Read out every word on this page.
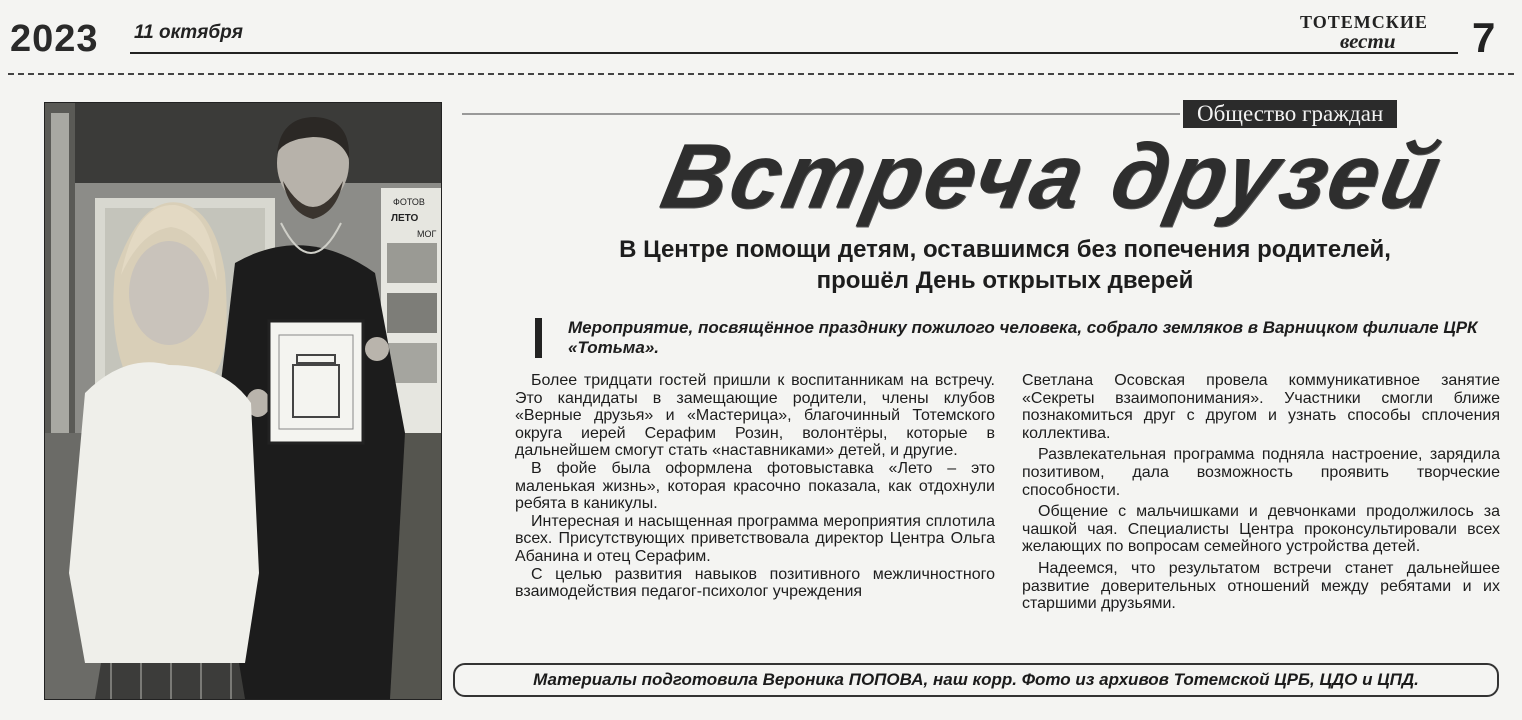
2023 11 октября	ТОТЕМСКИЕ
вести 7
ФОТОВ
ЛЕТО
МОГ
Общество граждан
Встреча друзей
В Центре помощи детям, оставшимся без попечения родителей,
прошёл День открытых дверей
Мероприятие, посвящённое празднику пожилого человека, собрало земляков в Варницком филиале ЦРК «Тотьма».

Более тридцати гостей пришли к воспитанникам на встречу. Это кандидаты в замещающие родители, члены клубов «Верные друзья» и «Мастерица», благочинный Тотемского округа иерей Серафим Розин, волонтёры, которые в дальнейшем смогут стать «наставниками» детей, и другие.

В фойе была оформлена фотовыставка «Лето – это маленькая жизнь», которая красочно показала, как отдохнули ребята в каникулы.

Интересная и насыщенная программа мероприятия сплотила всех. Присутствующих приветствовала директор Центра Ольга Абанина и отец Серафим.

С целью развития навыков позитивного межличностного взаимодействия педагог-психолог учреждения

Светлана Осовская провела коммуникативное занятие «Секреты взаимопонимания». Участники смогли ближе познакомиться друг с другом и узнать способы сплочения коллектива.

Развлекательная программа подняла настроение, зарядила позитивом, дала возможность проявить творческие способности.

Общение с мальчишками и девчонками продолжилось за чашкой чая. Специалисты Центра проконсультировали всех желающих по вопросам семейного устройства детей.

Надеемся, что результатом встречи станет дальнейшее развитие доверительных отношений между ребятами и их старшими друзьями.

Материалы подготовила Вероника ПОПОВА, наш корр. Фото из архивов Тотемской ЦРБ, ЦДО и ЦПД.
